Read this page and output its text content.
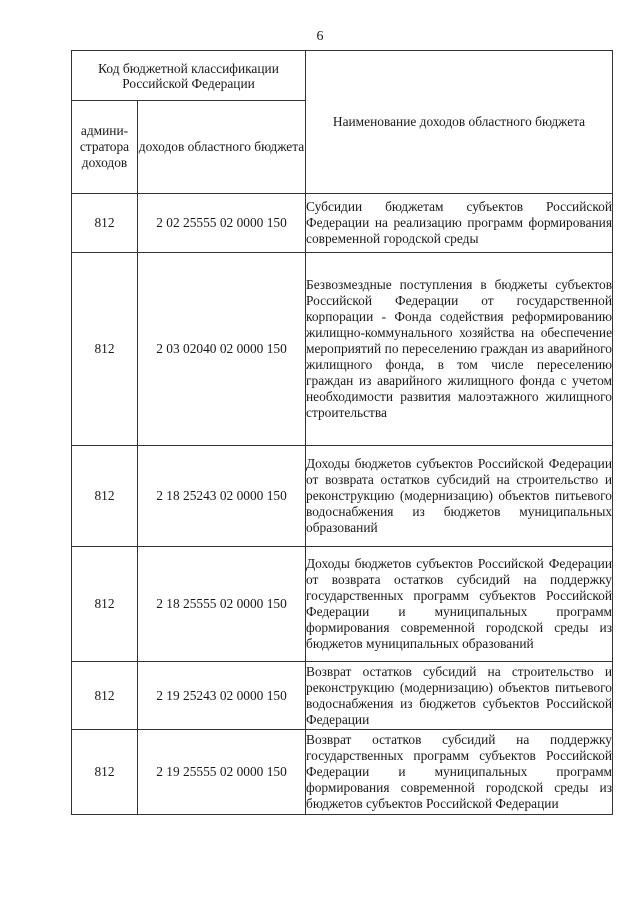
6
Код бюджетной классификации Российской Федерации		Наименование доходов областного бюджета
админи-стратора доходов	доходов областного бюджета	
812	2 02 25555 02 0000 150	Субсидии бюджетам субъектов Российской Федерации на реализацию программ формирования современной городской среды
812	2 03 02040 02 0000 150	Безвозмездные поступления в бюджеты субъектов Российской Федерации от государственной корпорации - Фонда содействия реформированию жилищно-коммунального хозяйства на обеспечение мероприятий по переселению граждан из аварийного жилищного фонда, в том числе переселению граждан из аварийного жилищного фонда с учетом необходимости развития малоэтажного жилищного строительства
812	2 18 25243 02 0000 150	Доходы бюджетов субъектов Российской Федерации от возврата остатков субсидий на строительство и реконструкцию (модернизацию) объектов питьевого водоснабжения из бюджетов муниципальных образований
812	2 18 25555 02 0000 150	Доходы бюджетов субъектов Российской Федерации от возврата остатков субсидий на поддержку государственных программ субъектов Российской Федерации и муниципальных программ формирования современной городской среды из бюджетов муниципальных образований
812	2 19 25243 02 0000 150	Возврат остатков субсидий на строительство и реконструкцию (модернизацию) объектов питьевого водоснабжения из бюджетов субъектов Российской Федерации
812	2 19 25555 02 0000 150	Возврат остатков субсидий на поддержку государственных программ субъектов Российской Федерации и муниципальных программ формирования современной городской среды из бюджетов субъектов Российской Федерации
